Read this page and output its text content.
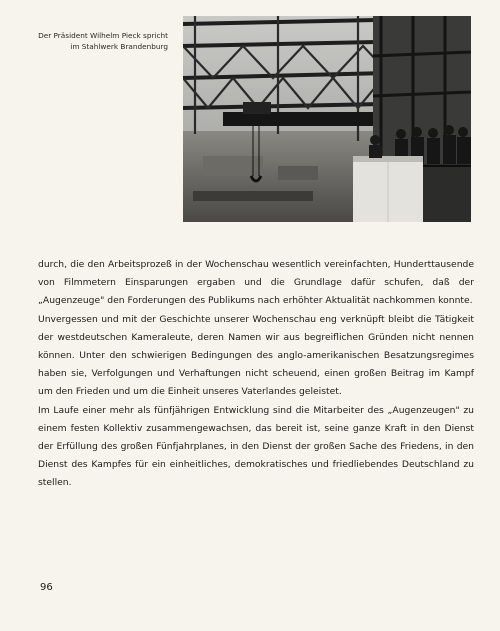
Der Präsident Wilhelm Pieck spricht
im Stahlwerk Brandenburg

durch, die den Arbeitsprozeß in der Wochenschau wesentlich vereinfachten, Hunderttausende von Filmmetern Einsparungen ergaben und die Grundlage dafür schufen, daß der „Augenzeuge" den Forderungen des Publikums nach erhöhter Aktualität nachkommen konnte.

Unvergessen und mit der Geschichte unserer Wochenschau eng verknüpft bleibt die Tätigkeit der westdeutschen Kameraleute, deren Namen wir aus begreiflichen Gründen nicht nennen können. Unter den schwierigen Bedingungen des anglo-amerikanischen Besatzungsregimes haben sie, Verfolgungen und Verhaftungen nicht scheuend, einen großen Beitrag im Kampf um den Frieden und um die Einheit unseres Vaterlandes geleistet.

Im Laufe einer mehr als fünfjährigen Entwicklung sind die Mitarbeiter des „Augenzeugen" zu einem festen Kollektiv zusammengewachsen, das bereit ist, seine ganze Kraft in den Dienst der Erfüllung des großen Fünfjahrplanes, in den Dienst der großen Sache des Friedens, in den Dienst des Kampfes für ein einheitliches, demokratisches und friedliebendes Deutschland zu stellen.

96
